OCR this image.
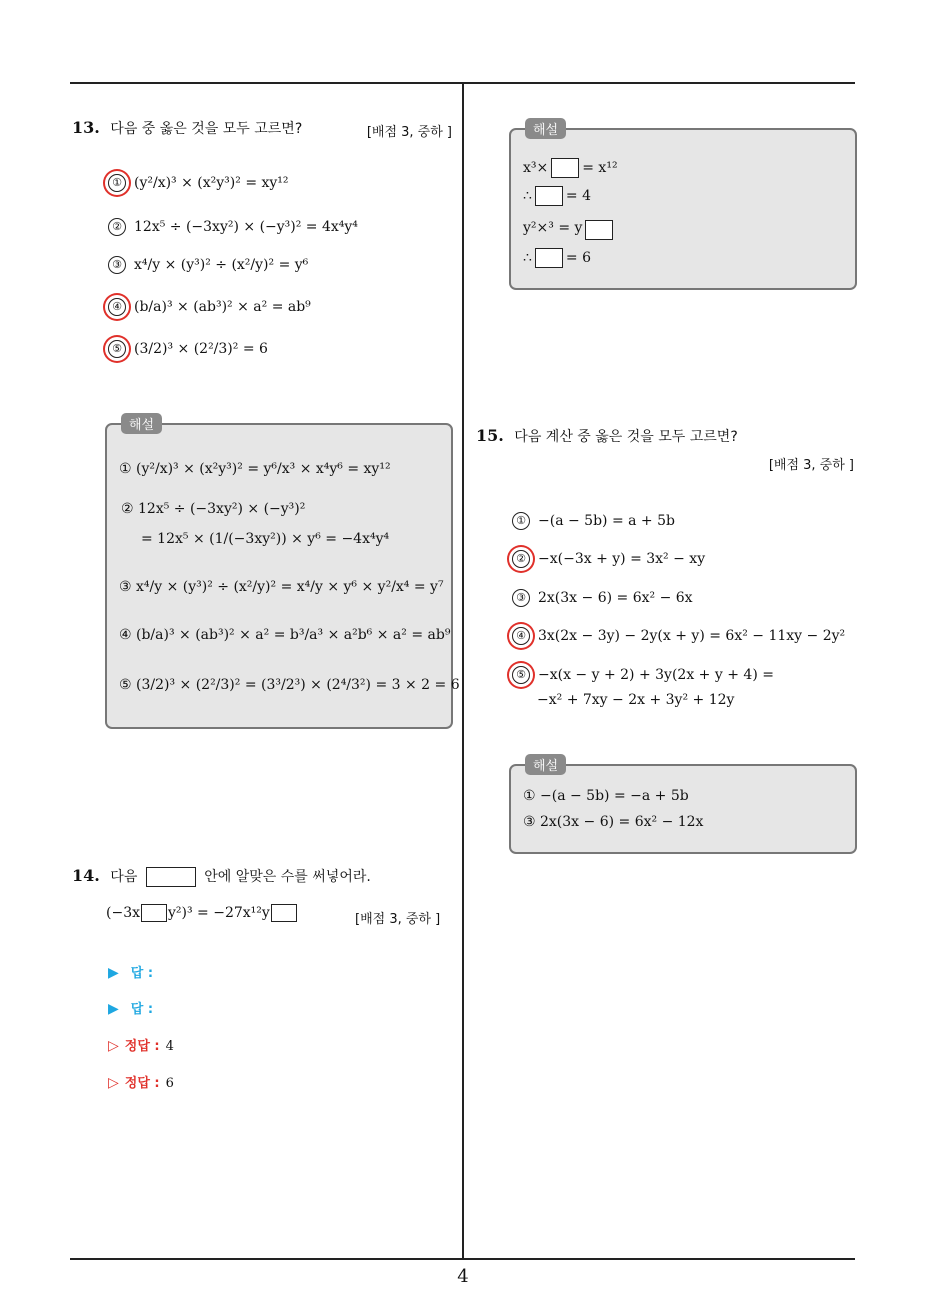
13. 다음 중 옳은 것을 모두 고르면?	[배점 3, 중하 ]
① (y²/x)³ × (x²y³)² = xy¹²
② 12x⁵ ÷ (−3xy²) × (−y³)² = 4x⁴y⁴
③ x⁴/y × (y³)² ÷ (x²/y)² = y⁶
④ (b/a)³ × (ab³)² × a² = ab⁹
⑤ (3/2)³ × (2²/3)² = 6
해설
① (y²/x)³ × (x²y³)² = y⁶/x³ × x⁴y⁶ = xy¹²
② 12x⁵ ÷ (−3xy²) × (−y³)²
= 12x⁵ × (1/(−3xy²)) × y⁶ = −4x⁴y⁴
③ x⁴/y × (y³)² ÷ (x²/y)² = x⁴/y × y⁶ × y²/x⁴ = y⁷
④ (b/a)³ × (ab³)² × a² = b³/a³ × a²b⁶ × a² = ab⁹
⑤ (3/2)³ × (2²/3)² = (3³/2³) × (2⁴/3²) = 3 × 2 = 6
14. 다음	안에 알맞은 수를 써넣어라.
(−3x y²)³ = −27x¹²y	[배점 3, 중하 ]
▶ 답 :
▶ 답 :
▷ 정답 : 4
▷ 정답 : 6
해설
x³× = x¹²
∴ = 4
y²×³ = y
∴ = 6
15. 다음 계산 중 옳은 것을 모두 고르면?
[배점 3, 중하 ]
① −(a − 5b) = a + 5b
② −x(−3x + y) = 3x² − xy
③ 2x(3x − 6) = 6x² − 6x
④ 3x(2x − 3y) − 2y(x + y) = 6x² − 11xy − 2y²
⑤ −x(x − y + 2) + 3y(2x + y + 4) =
−x² + 7xy − 2x + 3y² + 12y
해설
① −(a − 5b) = −a + 5b
③ 2x(3x − 6) = 6x² − 12x
4
